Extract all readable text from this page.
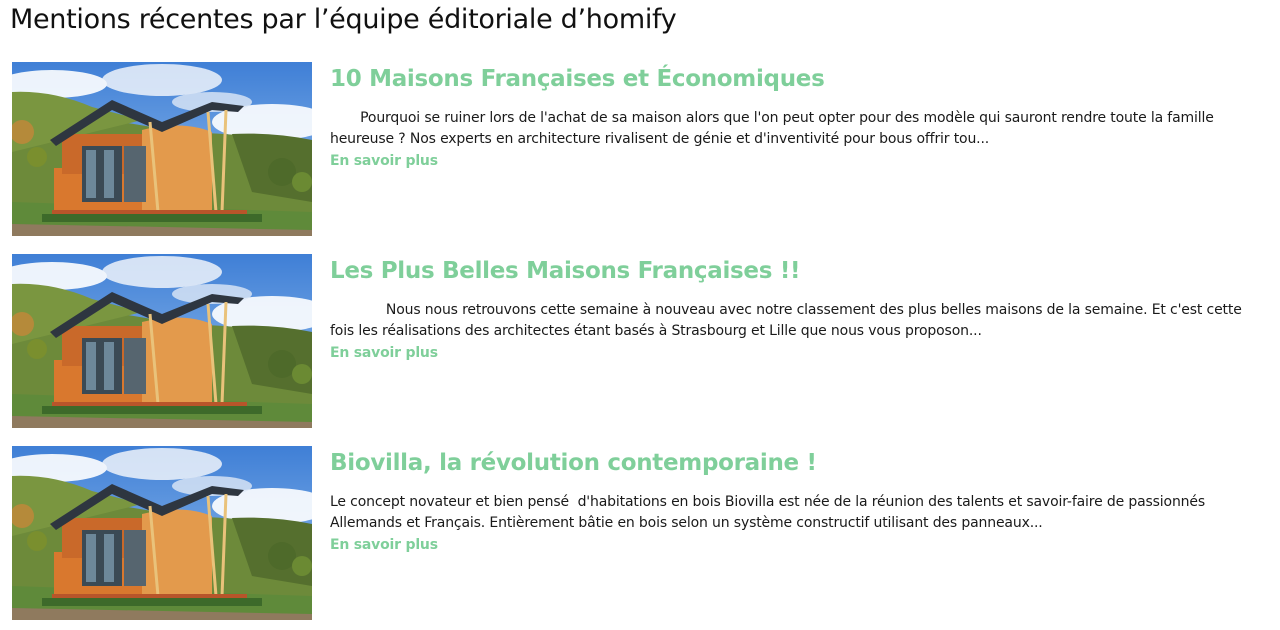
Mentions récentes par l’équipe éditoriale d’homify
10 Maisons Françaises et Économiques

Pourquoi se ruiner lors de l'achat de sa maison alors que l'on peut opter pour des modèle qui sauront rendre toute la famille heureuse ? Nos experts en architecture rivalisent de génie et d'inventivité pour bous offrir tou...

En savoir plus
Les Plus Belles Maisons Françaises !!

Nous nous retrouvons cette semaine à nouveau avec notre classement des plus belles maisons de la semaine. Et c'est cette fois les réalisations des architectes étant basés à Strasbourg et Lille que nous vous proposon...

En savoir plus
Biovilla, la révolution contemporaine !

Le concept novateur et bien pensé  d'habitations en bois Biovilla est née de la réunion des talents et savoir-faire de passionnés Allemands et Français. Entièrement bâtie en bois selon un système constructif utilisant des panneaux...

En savoir plus
